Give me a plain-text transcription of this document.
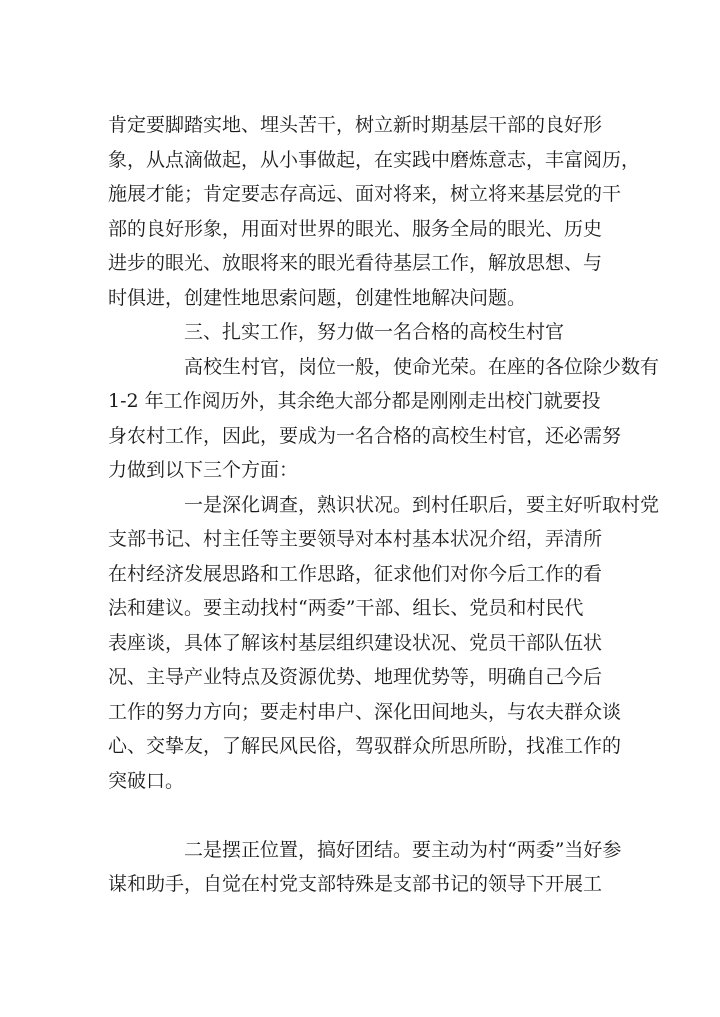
肯定要脚踏实地、埋头苦干，树立新时期基层干部的良好形
象，从点滴做起，从小事做起，在实践中磨炼意志，丰富阅历，
施展才能；肯定要志存高远、面对将来，树立将来基层党的干
部的良好形象，用面对世界的眼光、服务全局的眼光、历史
进步的眼光、放眼将来的眼光看待基层工作，解放思想、与
时俱进，创建性地思索问题，创建性地解决问题。
三、扎实工作，努力做一名合格的高校生村官
高校生村官，岗位一般，使命光荣。在座的各位除少数有
1-2 年工作阅历外，其余绝大部分都是刚刚走出校门就要投
身农村工作，因此，要成为一名合格的高校生村官，还必需努
力做到以下三个方面：
一是深化调查，熟识状况。到村任职后，要主好听取村党
支部书记、村主任等主要领导对本村基本状况介绍，弄清所
在村经济发展思路和工作思路，征求他们对你今后工作的看
法和建议。要主动找村“两委”干部、组长、党员和村民代
表座谈，具体了解该村基层组织建设状况、党员干部队伍状
况、主导产业特点及资源优势、地理优势等，明确自己今后
工作的努力方向；要走村串户、深化田间地头，与农夫群众谈
心、交挚友，了解民风民俗，驾驭群众所思所盼，找准工作的
突破口。
二是摆正位置，搞好团结。要主动为村“两委”当好参
谋和助手，自觉在村党支部特殊是支部书记的领导下开展工
